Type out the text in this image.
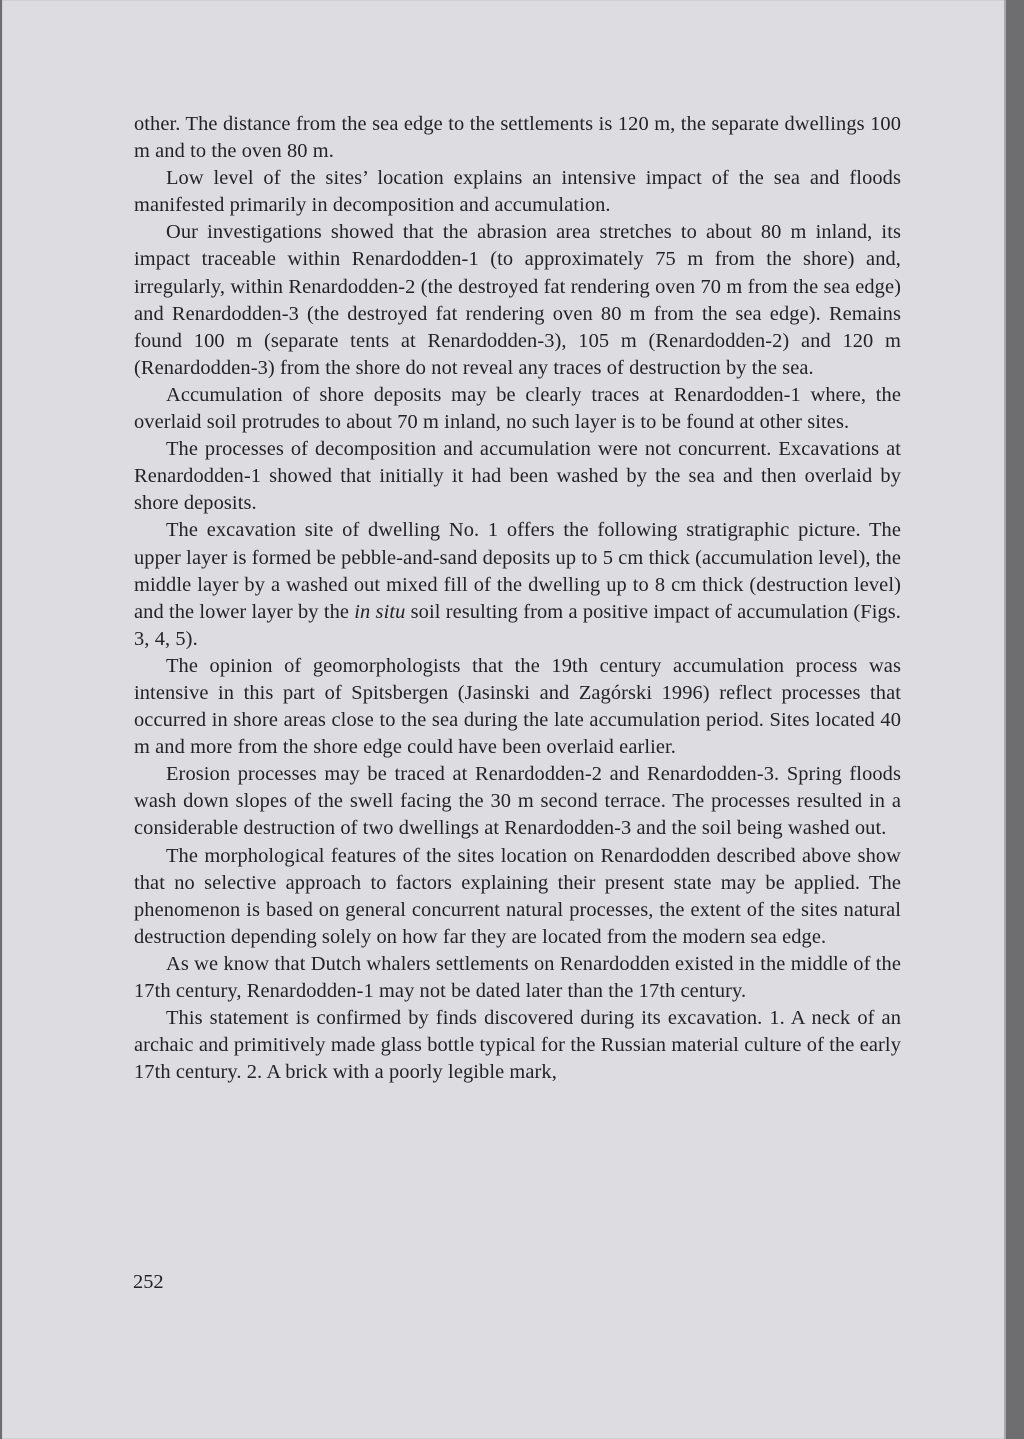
other. The distance from the sea edge to the settlements is 120 m, the separate dwellings 100 m and to the oven 80 m.

Low level of the sites’ location explains an intensive impact of the sea and floods manifested primarily in decomposition and accumulation.

Our investigations showed that the abrasion area stretches to about 80 m inland, its impact traceable within Renardodden-1 (to approximately 75 m from the shore) and, irregularly, within Renardodden-2 (the destroyed fat rendering oven 70 m from the sea edge) and Renardodden-3 (the destroyed fat rendering oven 80 m from the sea edge). Remains found 100 m (separate tents at Renardodden-3), 105 m (Renardodden-2) and 120 m (Renardodden-3) from the shore do not reveal any traces of destruction by the sea.

Accumulation of shore deposits may be clearly traces at Renardodden-1 where, the overlaid soil protrudes to about 70 m inland, no such layer is to be found at other sites.

The processes of decomposition and accumulation were not concurrent. Excavations at Renardodden-1 showed that initially it had been washed by the sea and then overlaid by shore deposits.

The excavation site of dwelling No. 1 offers the following stratigraphic picture. The upper layer is formed be pebble-and-sand deposits up to 5 cm thick (accumulation level), the middle layer by a washed out mixed fill of the dwelling up to 8 cm thick (destruction level) and the lower layer by the in situ soil resulting from a positive impact of accumulation (Figs. 3, 4, 5).

The opinion of geomorphologists that the 19th century accumulation process was intensive in this part of Spitsbergen (Jasinski and Zagórski 1996) reflect processes that occurred in shore areas close to the sea during the late accumulation period. Sites located 40 m and more from the shore edge could have been overlaid earlier.

Erosion processes may be traced at Renardodden-2 and Renardodden-3. Spring floods wash down slopes of the swell facing the 30 m second terrace. The processes resulted in a considerable destruction of two dwellings at Renardodden-3 and the soil being washed out.

The morphological features of the sites location on Renardodden described above show that no selective approach to factors explaining their present state may be applied. The phenomenon is based on general concurrent natural processes, the extent of the sites natural destruction depending solely on how far they are located from the modern sea edge.

As we know that Dutch whalers settlements on Renardodden existed in the middle of the 17th century, Renardodden-1 may not be dated later than the 17th century.

This statement is confirmed by finds discovered during its excavation. 1. A neck of an archaic and primitively made glass bottle typical for the Russian material culture of the early 17th century. 2. A brick with a poorly legible mark,

252
